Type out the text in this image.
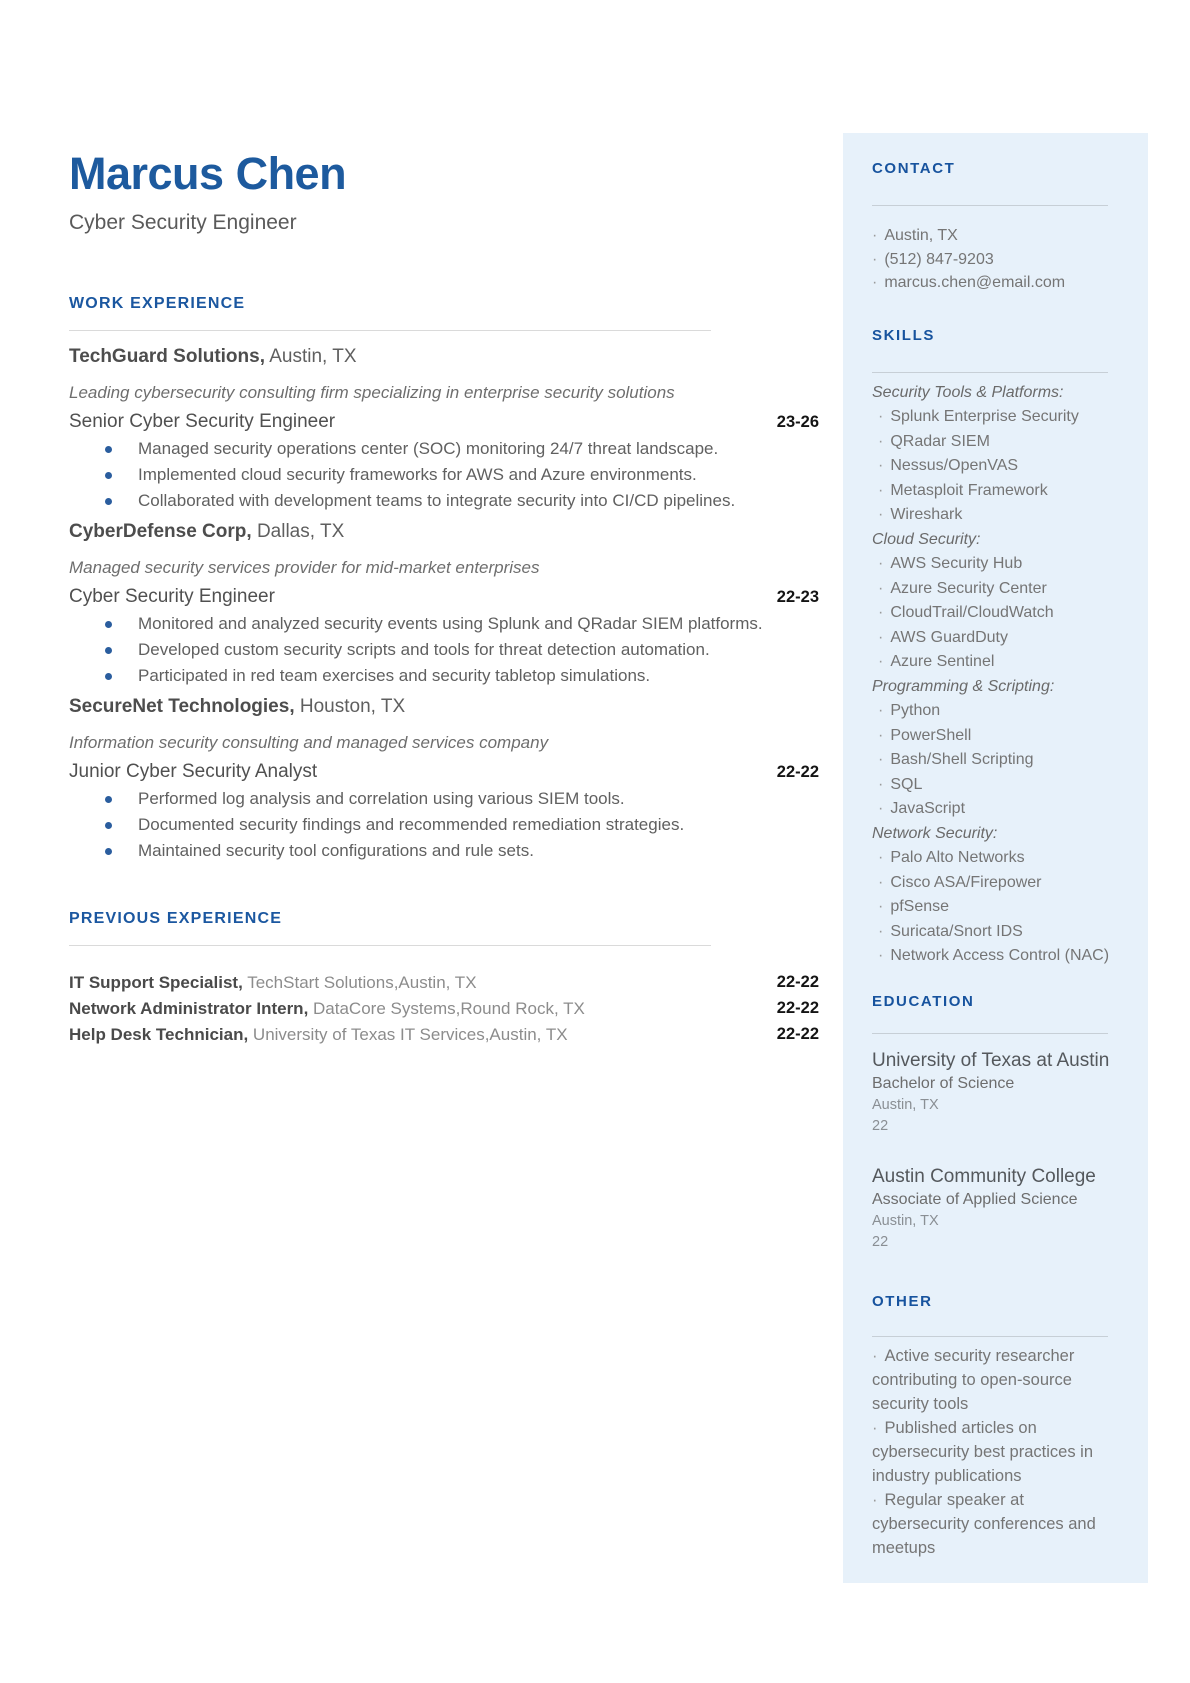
Marcus Chen
Cyber Security Engineer
WORK EXPERIENCE
TechGuard Solutions, Austin, TX
Leading cybersecurity consulting firm specializing in enterprise security solutions
Senior Cyber Security Engineer	23-26
Managed security operations center (SOC) monitoring 24/7 threat landscape.
Implemented cloud security frameworks for AWS and Azure environments.
Collaborated with development teams to integrate security into CI/CD pipelines.
CyberDefense Corp, Dallas, TX
Managed security services provider for mid-market enterprises
Cyber Security Engineer	22-23
Monitored and analyzed security events using Splunk and QRadar SIEM platforms.
Developed custom security scripts and tools for threat detection automation.
Participated in red team exercises and security tabletop simulations.
SecureNet Technologies, Houston, TX
Information security consulting and managed services company
Junior Cyber Security Analyst	22-22
Performed log analysis and correlation using various SIEM tools.
Documented security findings and recommended remediation strategies.
Maintained security tool configurations and rule sets.
PREVIOUS EXPERIENCE
IT Support Specialist, TechStart Solutions,Austin, TX	22-22
Network Administrator Intern, DataCore Systems,Round Rock, TX	22-22
Help Desk Technician, University of Texas IT Services,Austin, TX	22-22
CONTACT
· Austin, TX
· (512) 847-9203
· marcus.chen@email.com
SKILLS
Security Tools & Platforms:
· Splunk Enterprise Security
· QRadar SIEM
· Nessus/OpenVAS
· Metasploit Framework
· Wireshark
Cloud Security:
· AWS Security Hub
· Azure Security Center
· CloudTrail/CloudWatch
· AWS GuardDuty
· Azure Sentinel
Programming & Scripting:
· Python
· PowerShell
· Bash/Shell Scripting
· SQL
· JavaScript
Network Security:
· Palo Alto Networks
· Cisco ASA/Firepower
· pfSense
· Suricata/Snort IDS
· Network Access Control (NAC)
EDUCATION
University of Texas at Austin
Bachelor of Science
Austin, TX
22
Austin Community College
Associate of Applied Science
Austin, TX
22
OTHER
· Active security researcher contributing to open-source security tools
· Published articles on cybersecurity best practices in industry publications
· Regular speaker at cybersecurity conferences and meetups
